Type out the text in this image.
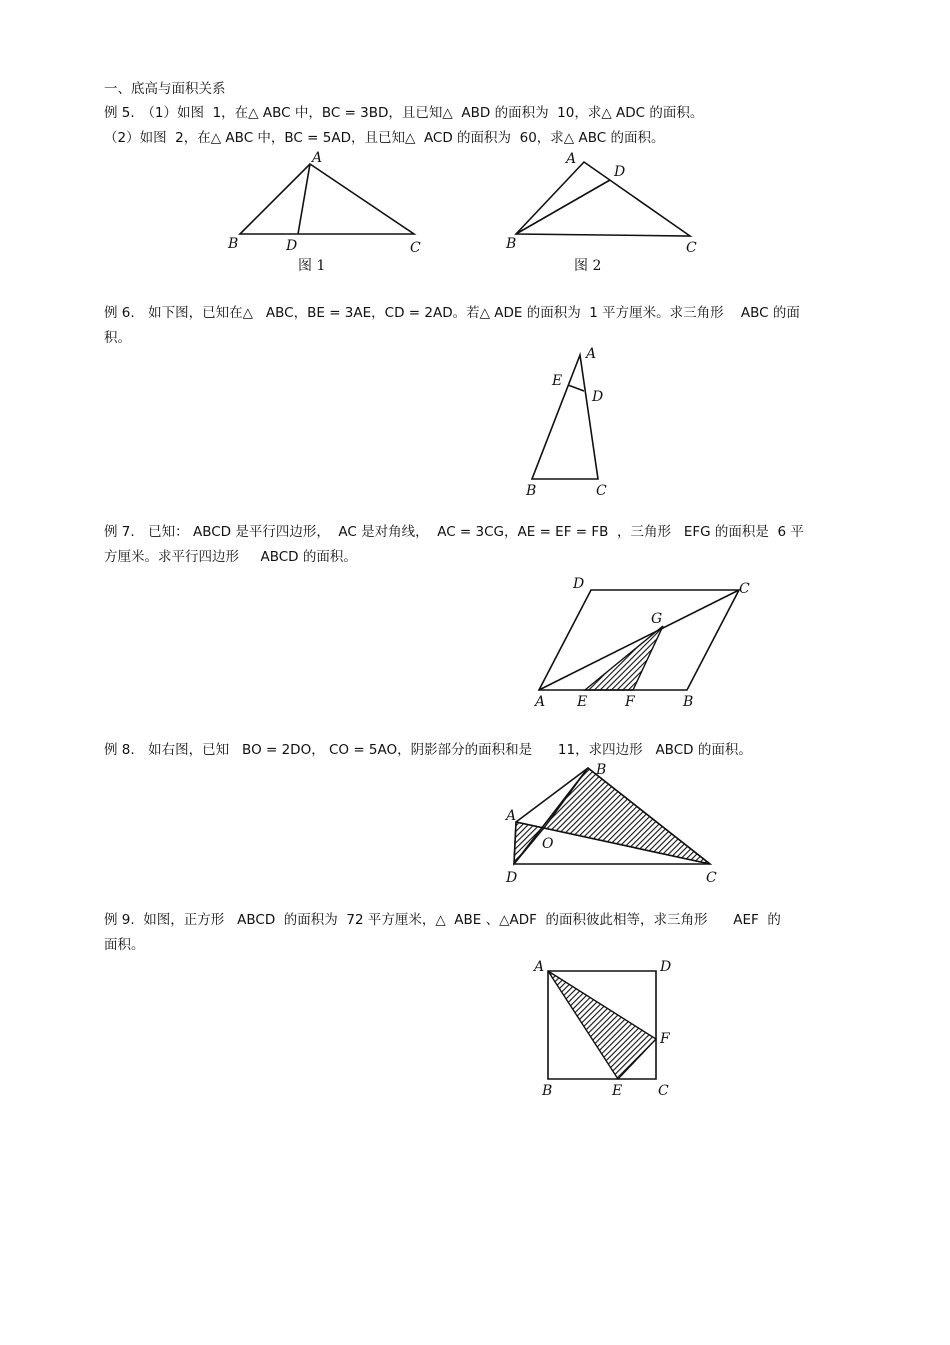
一、底高与面积关系
例 5.　（1）如图  1，在△ ABC 中，BC = 3BD，且已知△  ABD 的面积为  10，求△ ADC 的面积。
（2）如图  2，在△ ABC 中，BC = 5AD，且已知△  ACD 的面积为  60，求△ ABC 的面积。
A
B	D	C
图 1
A
D
B	C
图 2
例 6.　如下图，已知在△   ABC，BE = 3AE，CD = 2AD。若△ ADE 的面积为  1 平方厘米。求三角形    ABC 的面
积。
A
E
D
B	C
例 7.　已知： ABCD 是平行四边形，  AC 是对角线，  AC = 3CG，AE = EF = FB  ，三角形   EFG 的面积是  6 平
方厘米。求平行四边形     ABCD 的面积。
D	C
G
A E	F	B
例 8.　如右图，已知   BO = 2DO， CO = 5AO，阴影部分的面积和是      11，求四边形   ABCD 的面积。
B
A
O
D	C
例 9.  如图，正方形   ABCD  的面积为  72 平方厘米，△  ABE 、△ADF  的面积彼此相等，求三角形      AEF  的
面积。
A	D
F
B	E	C
